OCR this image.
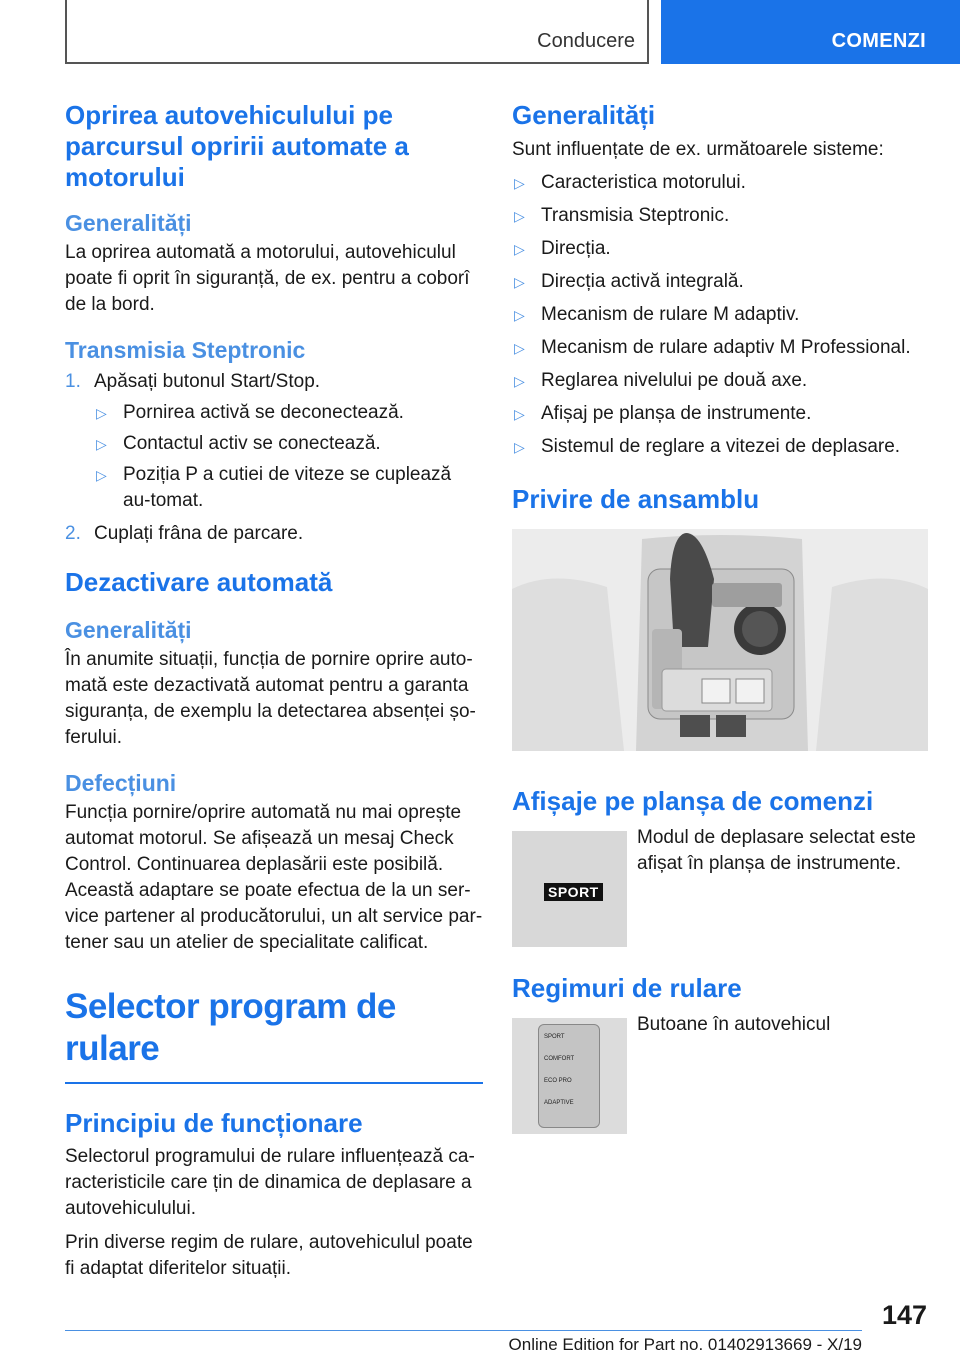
Conducere	COMENZI
Oprirea autovehiculului pe parcursul opririi automate a motorului
Generalități

La oprirea automată a motorului, autovehiculul poate fi oprit în siguranță, de ex. pentru a coborî de la bord.

Transmisia Steptronic
1. Apăsați butonul Start/Stop.
▷ Pornirea activă se deconectează.
▷ Contactul activ se conectează.
▷ Poziția P a cutiei de viteze se cuplează au-tomat.
2. Cuplați frâna de parcare.
Dezactivare automată
Generalități

În anumite situații, funcția de pornire oprire auto-mată este dezactivată automat pentru a garanta siguranța, de exemplu la detectarea absenței șo-ferului.

Defecțiuni

Funcția pornire/oprire automată nu mai oprește automat motorul. Se afișează un mesaj Check Control. Continuarea deplasării este posibilă. Această adaptare se poate efectua de la un ser-vice partener al producătorului, un alt service par-tener sau un atelier de specialitate calificat.

Selector program de rulare

Principiu de funcționare

Selectorul programului de rulare influențează ca-racteristicile care țin de dinamica de deplasare a autovehiculului.

Prin diverse regim de rulare, autovehiculul poate fi adaptat diferitelor situații.

Generalități

Sunt influențate de ex. următoarele sisteme:

▷ Caracteristica motorului.
▷ Transmisia Steptronic.
▷ Direcția.
▷ Direcția activă integrală.
▷ Mecanism de rulare M adaptiv.
▷ Mecanism de rulare adaptiv M Professional.
▷ Reglarea nivelului pe două axe.
▷ Afișaj pe planșa de instrumente.
▷ Sistemul de reglare a vitezei de deplasare.
Privire de ansamblu
Afișaje pe planșa de comenzi
SPORT

Modul de deplasare selectat este afișat în planșa de instrumente.

Regimuri de rulare
SPORT
COMFORT
ECO PRO
ADAPTIVE

Butoane în autovehicul

147
Online Edition for Part no. 01402913669 - X/19
